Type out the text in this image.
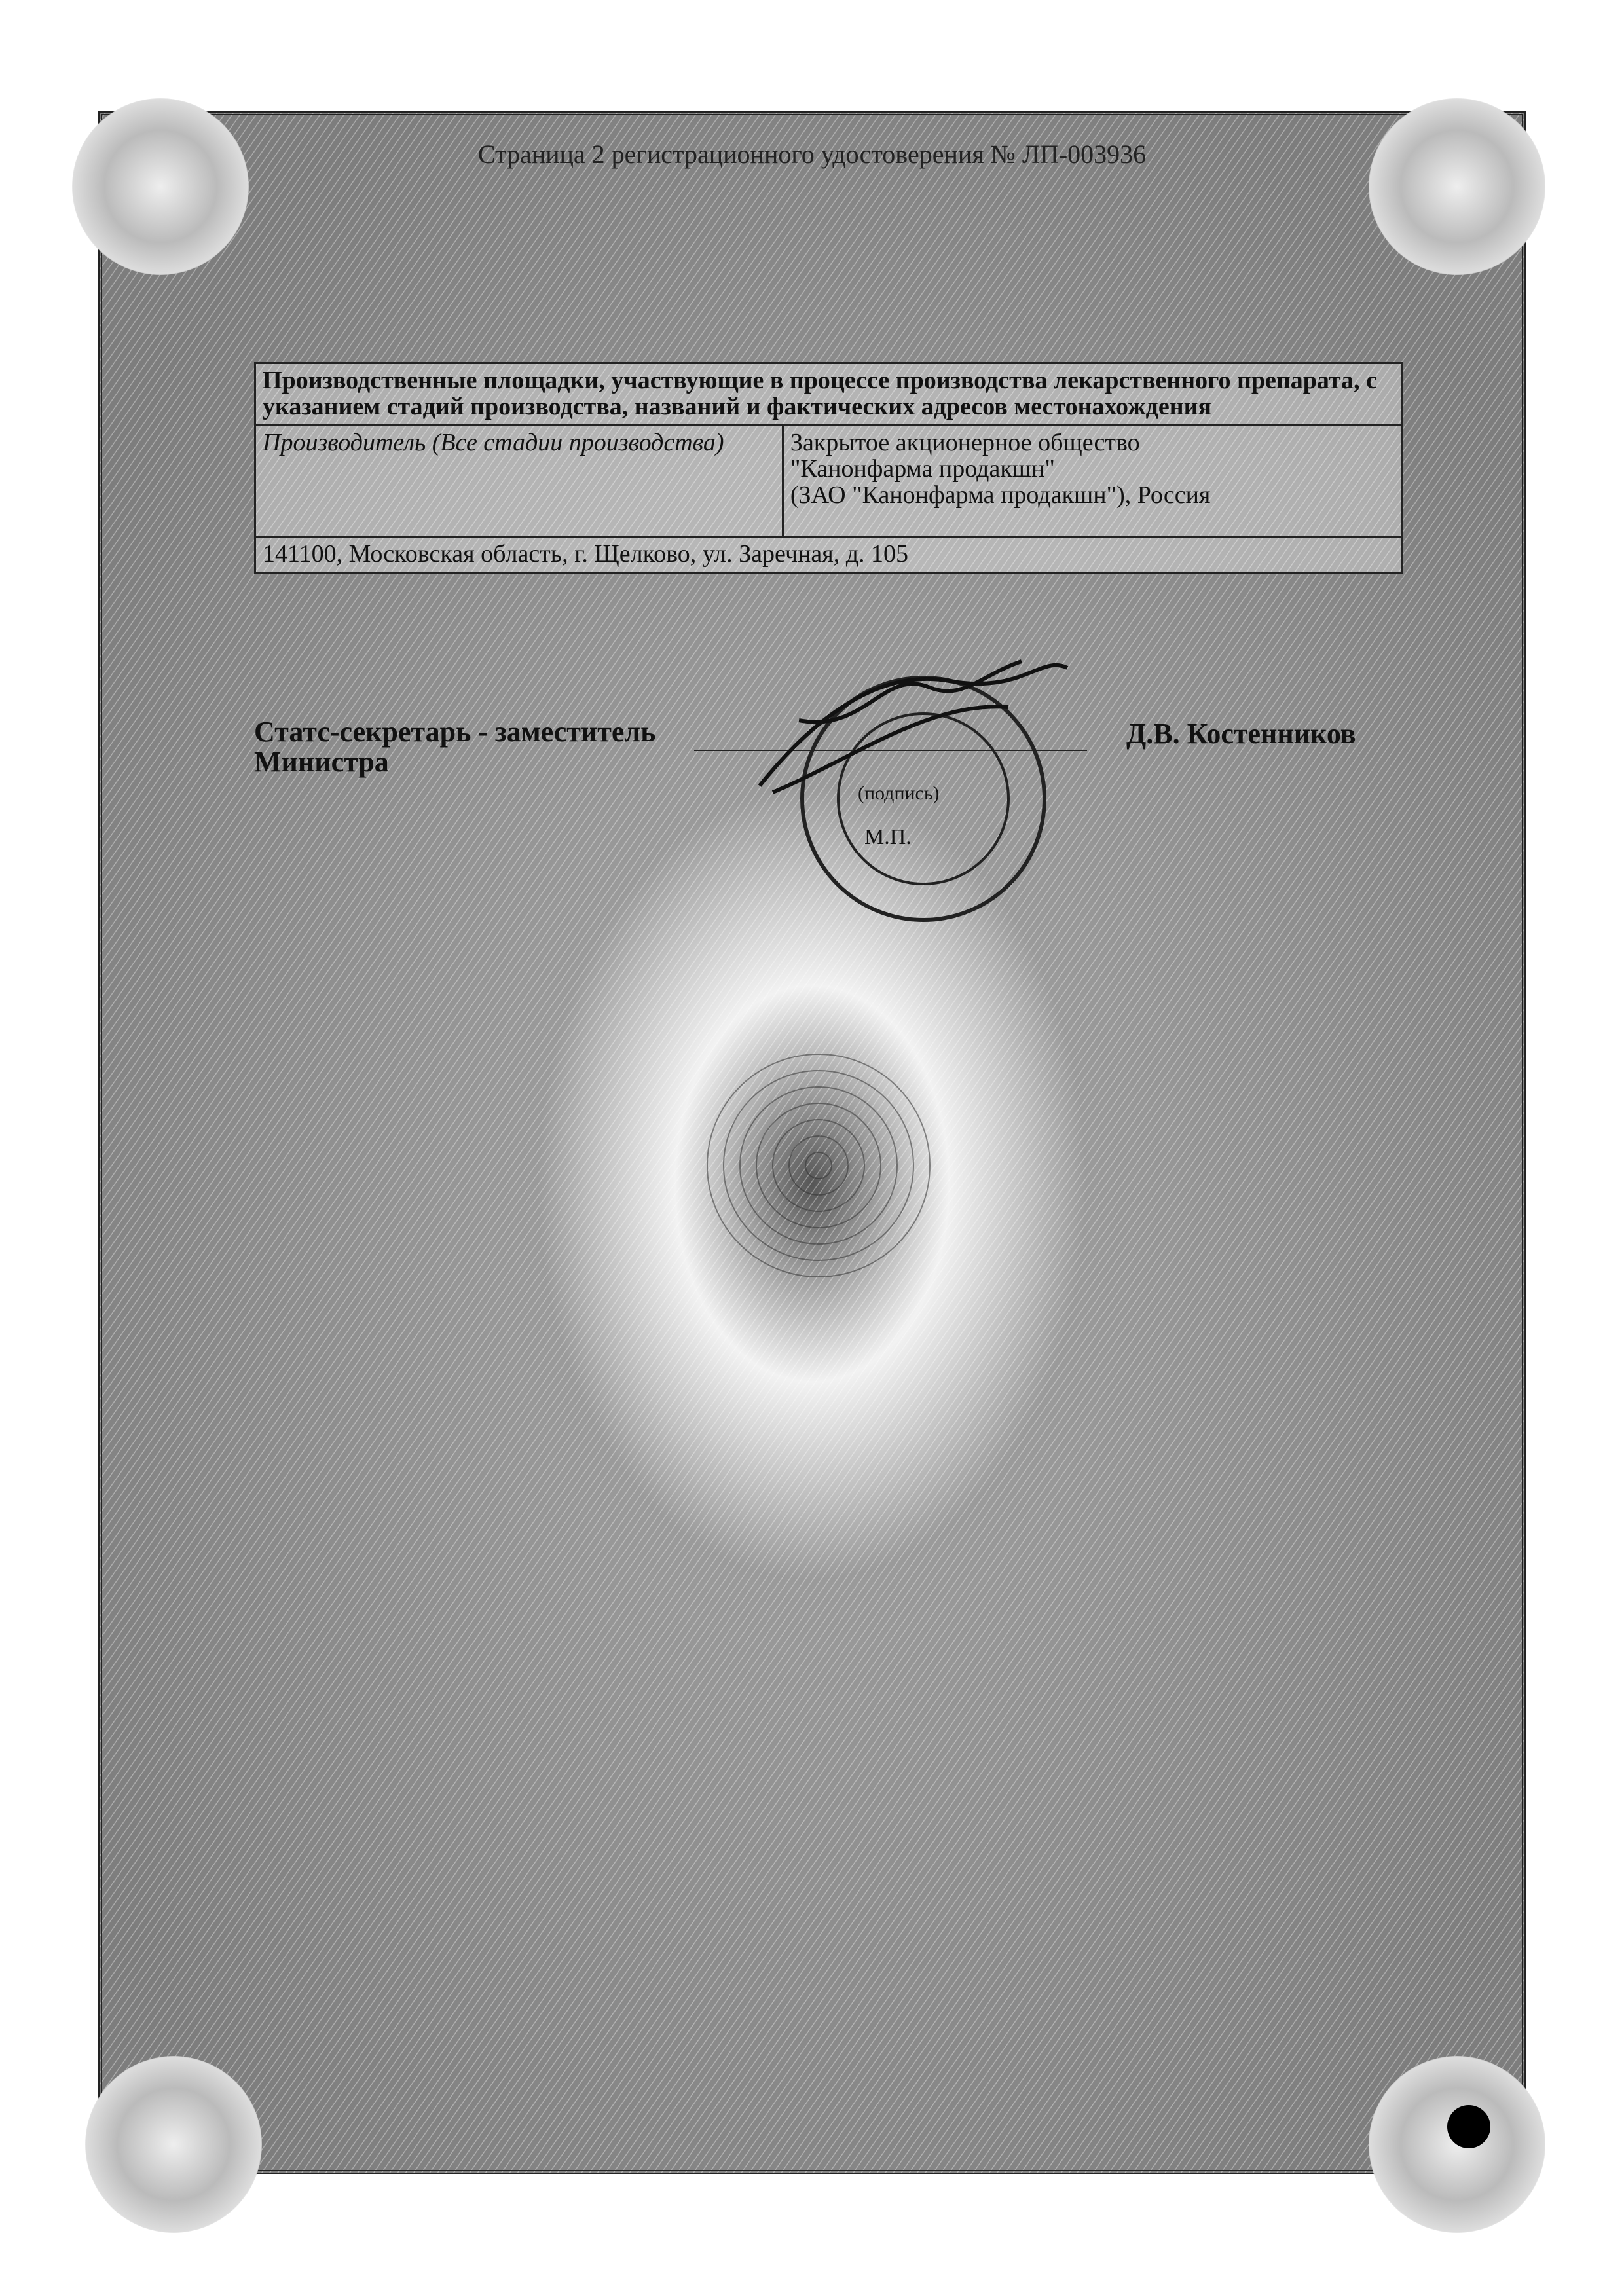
Страница 2 регистрационного удостоверения № ЛП-003936
Производственные площадки, участвующие в процессе производства лекарственного препарата, с указанием стадий производства, названий и фактических адресов местонахождения
Производитель (Все стадии производства)	Закрытое акционерное общество
"Канонфарма продакшн"
(ЗАО "Канонфарма продакшн"), Россия

141100, Московская область, г. Щелково, ул. Заречная, д. 105
Статс-секретарь - заместитель
Министра
Д.В. Костенников
(подпись)
М.П.
